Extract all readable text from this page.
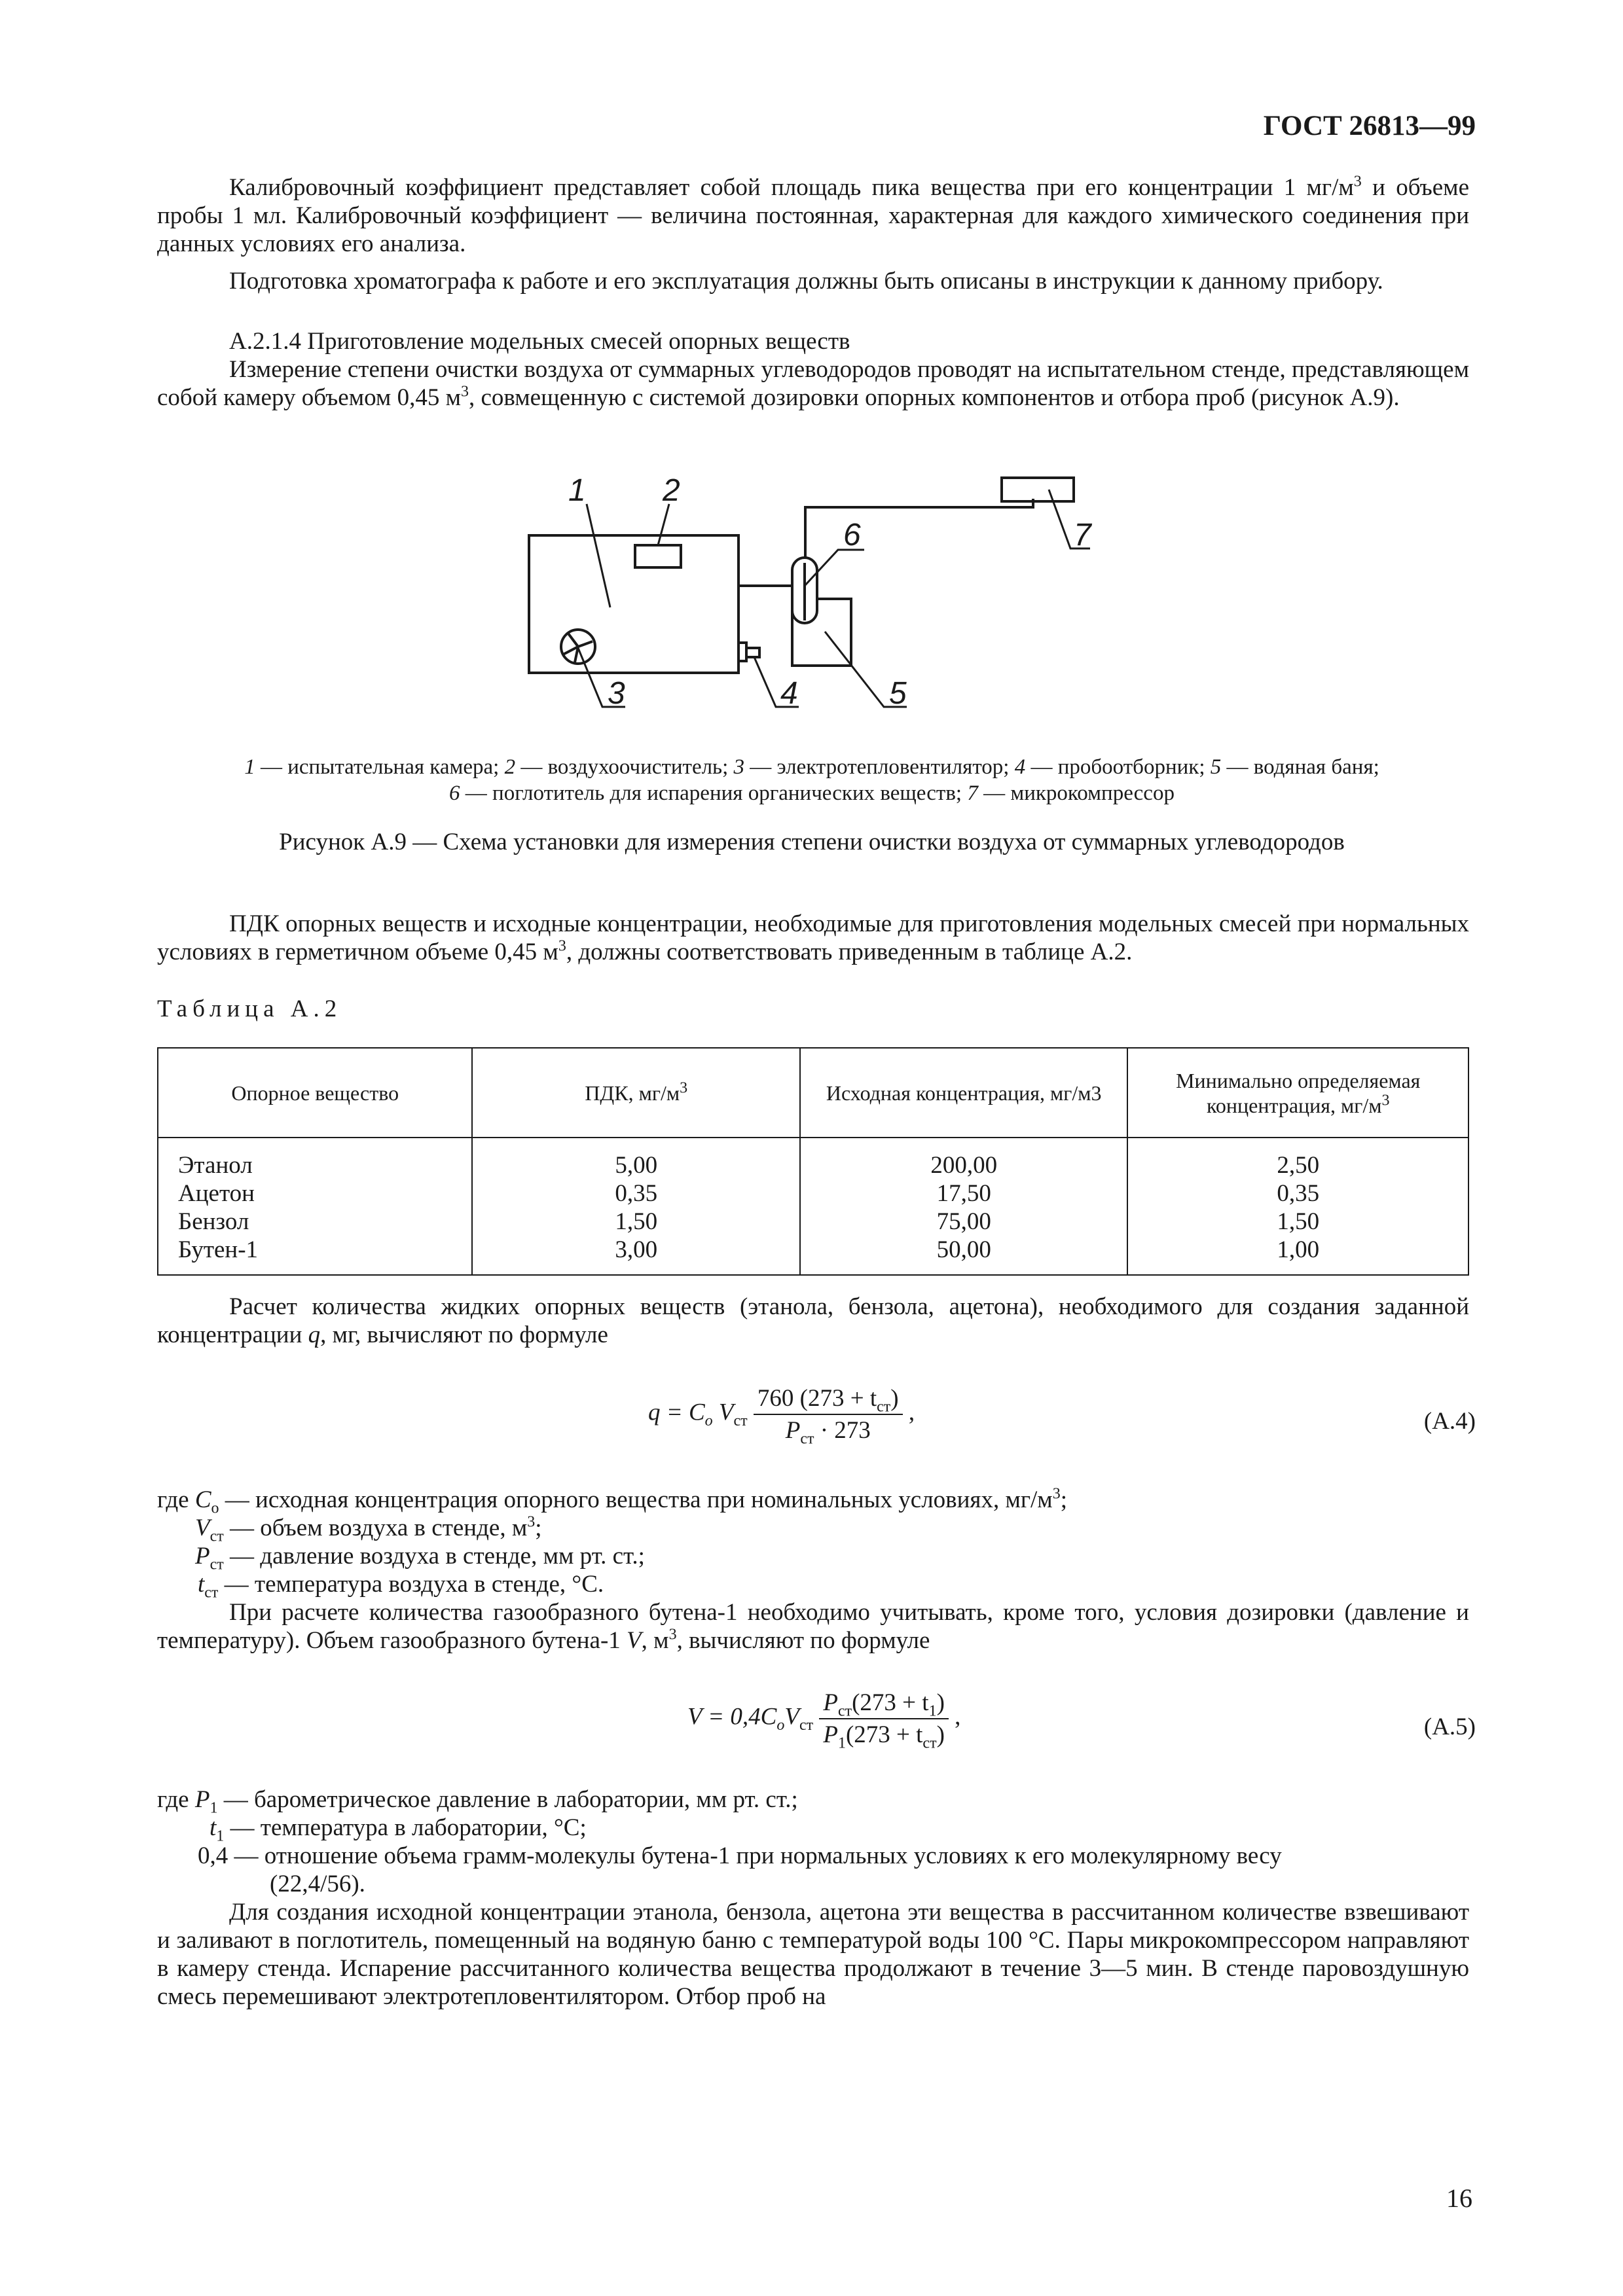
ГОСТ 26813—99
Калибровочный коэффициент представляет собой площадь пика вещества при его концентрации 1 $мг/м^3$ и объеме пробы 1 мл. Калибровочный коэффициент — величина постоянная, характерная для каждого химического соединения при данных условиях его анализа.
Подготовка хроматографа к работе и его эксплуатация должны быть описаны в инструкции к данному прибору.
А.2.1.4 Приготовление модельных смесей опорных веществ
Измерение степени очистки воздуха от суммарных углеводородов проводят на испытательном стенде, представляющем собой камеру объемом 0,45 $м^3$, совмещенную с системой дозировки опорных компонентов и отбора проб (рисунок А.9).
1 2
3	4	5
6	7
1 — испытательная камера; 2 — воздухоочиститель; 3 — электротепловентилятор; 4 — пробоотборник; 5 — водяная баня;
6 — поглотитель для испарения органических веществ; 7 — микрокомпрессор
Рисунок А.9 — Схема установки для измерения степени очистки воздуха от суммарных углеводородов
ПДК опорных веществ и исходные концентрации, необходимые для приготовления модельных смесей при нормальных условиях в герметичном объеме 0,45 $м^3$, должны соответствовать приведенным в таблице А.2.
Таблица А.2
Опорное вещество	ПДК, $мг/м^3$	Исходная концентрация, мг/м3	Минимально определяемая концентрация, $мг/м^3$
Этанол	5,00	200,00	2,50
Ацетон	0,35	17,50	0,35
Бензол	1,50	75,00	1,50
Бутен-1	3,00	50,00	1,00
Расчет количества жидких опорных веществ (этанола, бензола, ацетона), необходимого для создания заданной концентрации q, мг, вычисляют по формуле
$q = C_o$ $V_{ст} \frac{760 (273 + t_{ст})}{P_{ст} \cdot 273}$ ,	(А.4)
где $C_o$ — исходная концентрация опорного вещества при номинальных условиях, $мг/м^3$;
$V_{ст}$ — объем воздуха в стенде, $м^3$;
$P_{ст}$ — давление воздуха в стенде, мм рт. ст.;
$t_{ст}$ — температура воздуха в стенде, °С.
При расчете количества газообразного бутена-1 необходимо учитывать, кроме того, условия дозировки (давление и температуру). Объем газообразного бутена-1 V, $м^3$, вычисляют по формуле
$V = 0,4C_oV_{ст} \frac{P_{ст}(273 + t_1)}{P_1(273 + t_{ст})}$ ,	(А.5)
где $P_1$ — барометрическое давление в лаборатории, мм рт. ст.;
$t_1$ — температура в лаборатории, °С;
0,4 — отношение объема грамм-молекулы бутена-1 при нормальных условиях к его молекулярному весу
(22,4/56).
Для создания исходной концентрации этанола, бензола, ацетона эти вещества в рассчитанном количестве взвешивают и заливают в поглотитель, помещенный на водяную баню с температурой воды 100 °С. Пары микрокомпрессором направляют в камеру стенда. Испарение рассчитанного количества вещества продолжают в течение 3—5 мин. В стенде паровоздушную смесь перемешивают электротепловентилятором. Отбор проб на
16
